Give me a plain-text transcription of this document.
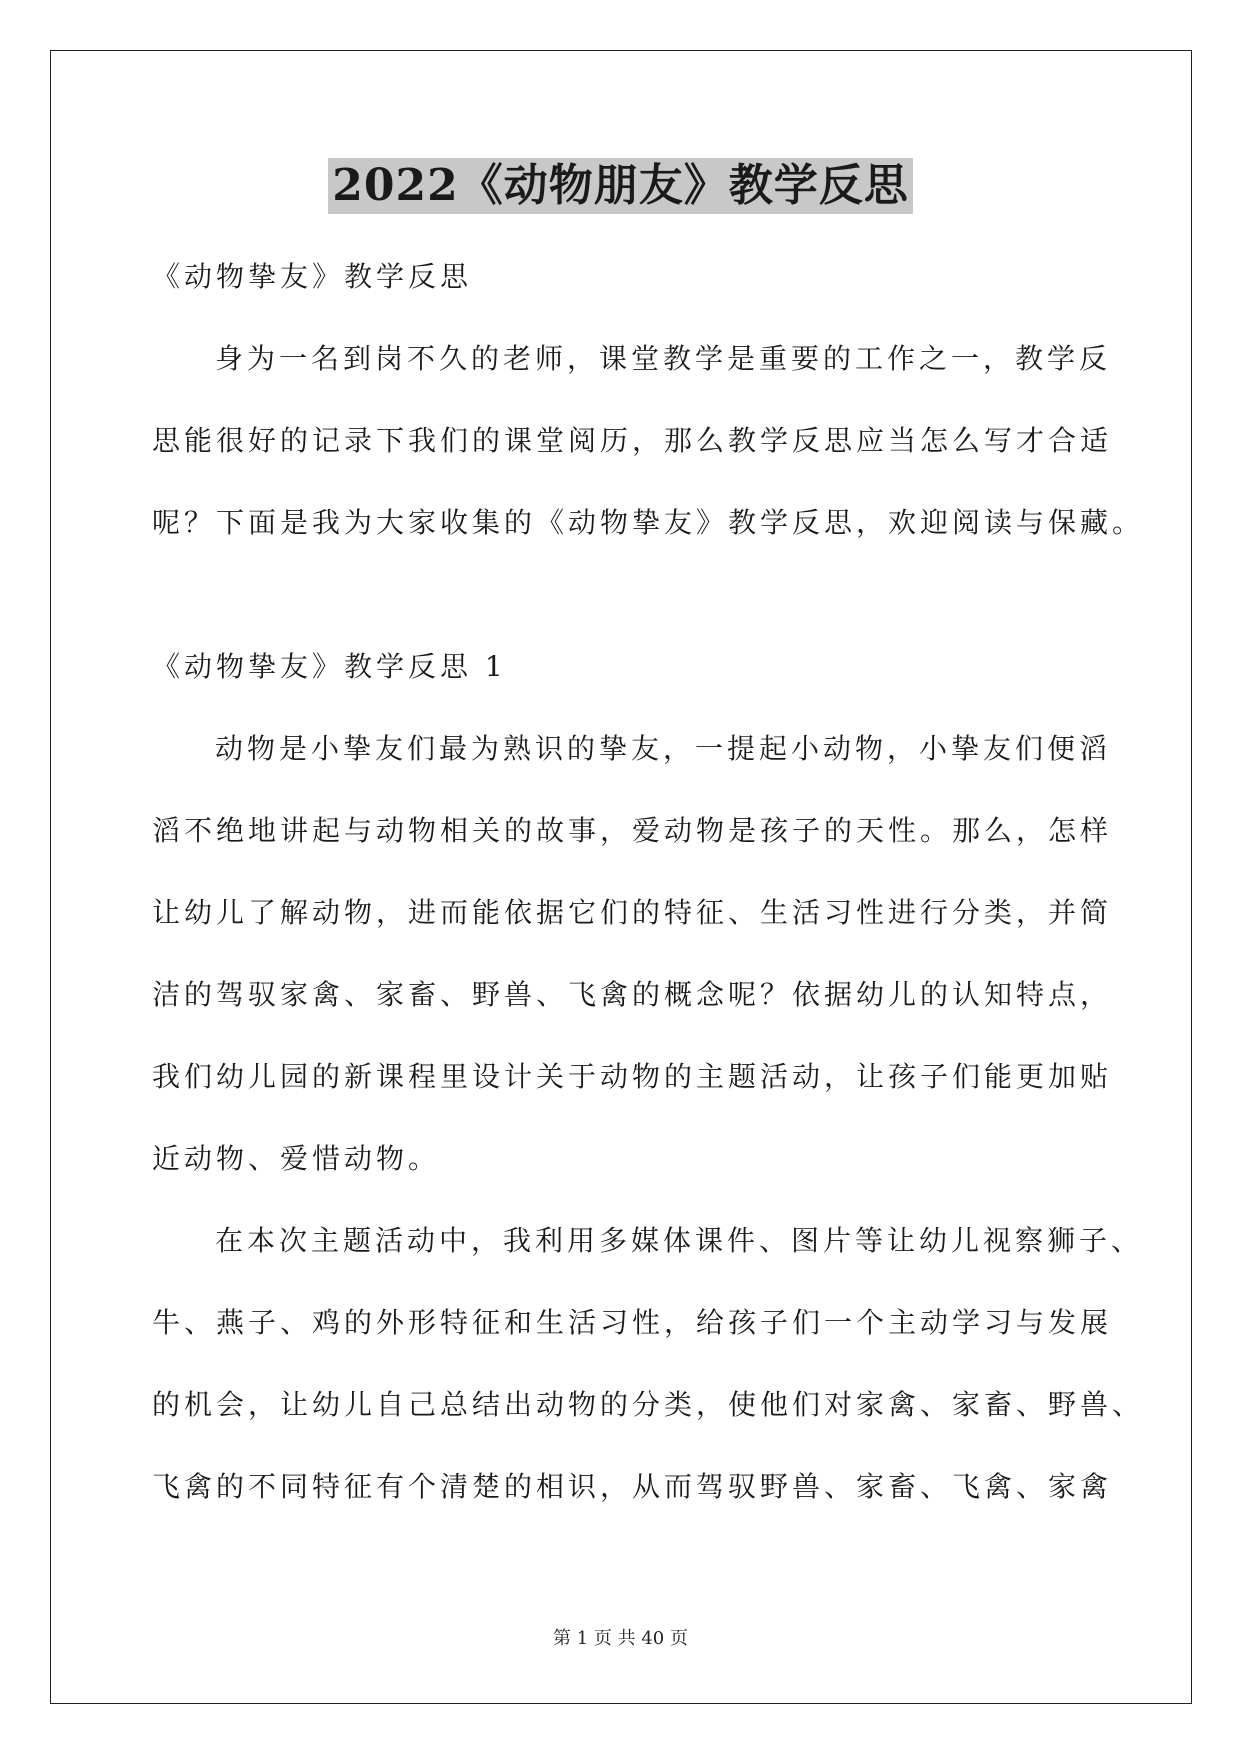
2022《动物朋友》教学反思
《动物挚友》教学反思
身为一名到岗不久的老师，课堂教学是重要的工作之一，教学反
思能很好的记录下我们的课堂阅历，那么教学反思应当怎么写才合适
呢？下面是我为大家收集的《动物挚友》教学反思，欢迎阅读与保藏。
《动物挚友》教学反思 1
动物是小挚友们最为熟识的挚友，一提起小动物，小挚友们便滔
滔不绝地讲起与动物相关的故事，爱动物是孩子的天性。那么，怎样
让幼儿了解动物，进而能依据它们的特征、生活习性进行分类，并简
洁的驾驭家禽、家畜、野兽、飞禽的概念呢？依据幼儿的认知特点，
我们幼儿园的新课程里设计关于动物的主题活动，让孩子们能更加贴
近动物、爱惜动物。
在本次主题活动中，我利用多媒体课件、图片等让幼儿视察狮子、
牛、燕子、鸡的外形特征和生活习性，给孩子们一个主动学习与发展
的机会，让幼儿自己总结出动物的分类，使他们对家禽、家畜、野兽、
飞禽的不同特征有个清楚的相识，从而驾驭野兽、家畜、飞禽、家禽
第 1 页 共 40 页
